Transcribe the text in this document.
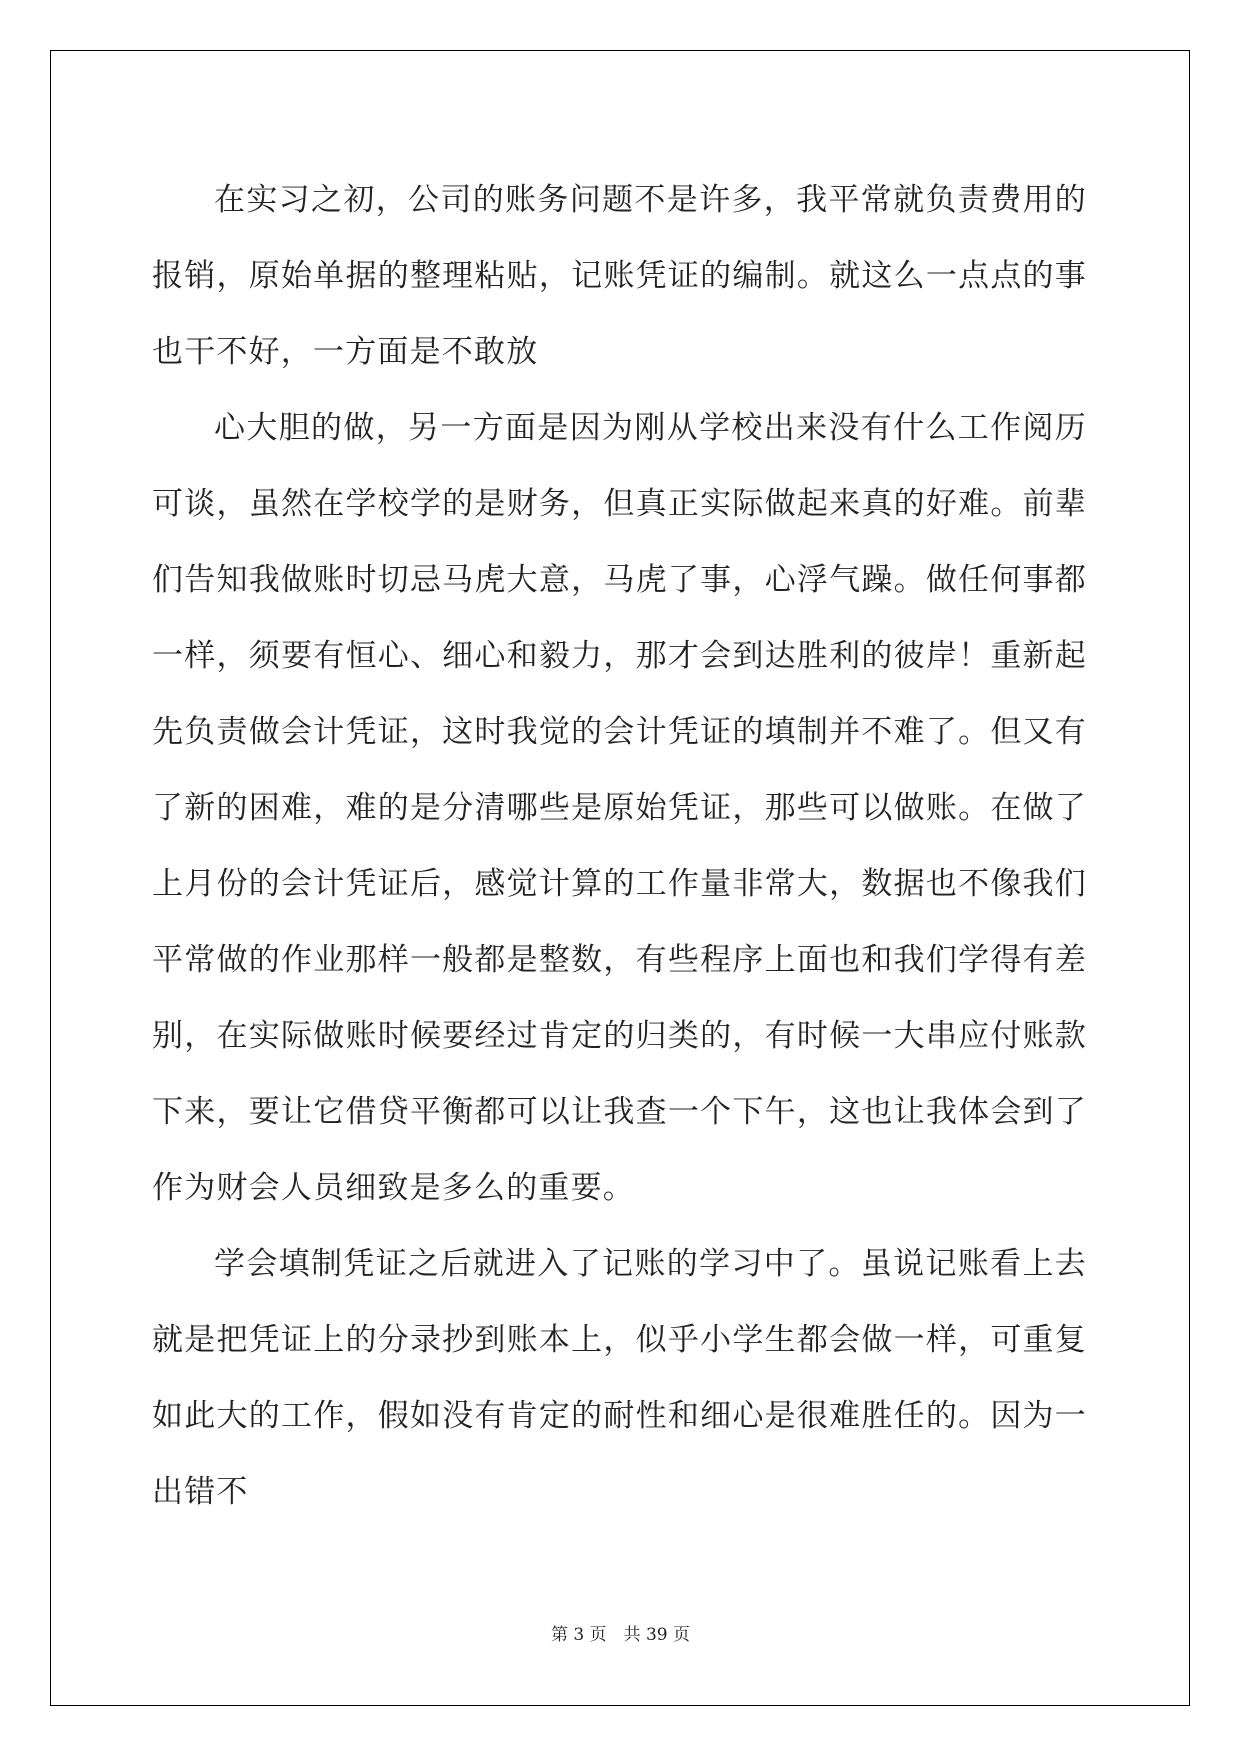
在实习之初，公司的账务问题不是许多，我平常就负责费用的报销，原始单据的整理粘贴，记账凭证的编制。就这么一点点的事也干不好，一方面是不敢放

心大胆的做，另一方面是因为刚从学校出来没有什么工作阅历可谈，虽然在学校学的是财务，但真正实际做起来真的好难。前辈们告知我做账时切忌马虎大意，马虎了事，心浮气躁。做任何事都一样，须要有恒心、细心和毅力，那才会到达胜利的彼岸！重新起先负责做会计凭证，这时我觉的会计凭证的填制并不难了。但又有了新的困难，难的是分清哪些是原始凭证，那些可以做账。在做了上月份的会计凭证后，感觉计算的工作量非常大，数据也不像我们平常做的作业那样一般都是整数，有些程序上面也和我们学得有差别，在实际做账时候要经过肯定的归类的，有时候一大串应付账款下来，要让它借贷平衡都可以让我查一个下午，这也让我体会到了作为财会人员细致是多么的重要。

学会填制凭证之后就进入了记账的学习中了。虽说记账看上去就是把凭证上的分录抄到账本上，似乎小学生都会做一样，可重复如此大的工作，假如没有肯定的耐性和细心是很难胜任的。因为一出错不

第 3 页　共 39 页
